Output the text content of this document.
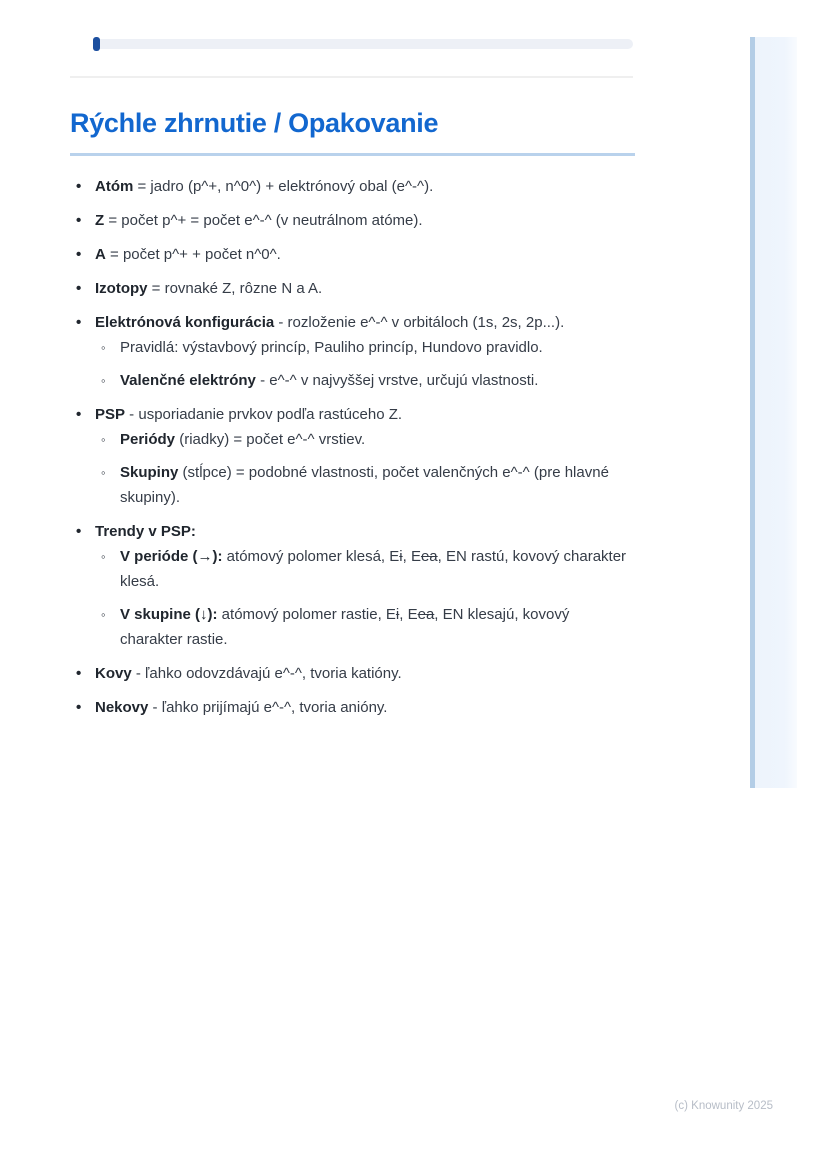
Rýchle zhrnutie / Opakovanie
• Atóm = jadro (p^+, n^0^) + elektrónový obal (e^-^).
• Z = počet p^+ = počet e^-^ (v neutrálnom atóme).
• A = počet p^+ + počet n^0^.
• Izotopy = rovnaké Z, rôzne N a A.
• Elektrónová konfigurácia - rozloženie e^-^ v orbitáloch (1s, 2s, 2p...).
◦ Pravidlá: výstavbový princíp, Pauliho princíp, Hundovo pravidlo.
◦ Valenčné elektróny - e^-^ v najvyššej vrstve, určujú vlastnosti.
• PSP - usporiadanie prvkov podľa rastúceho Z.
◦ Periódy (riadky) = počet e^-^ vrstiev.
◦ Skupiny (stĺpce) = podobné vlastnosti, počet valenčných e^-^ (pre hlavné skupiny).
• Trendy v PSP:
◦ V perióde (→): atómový polomer klesá, Ei, Eea, EN rastú, kovový charakter klesá.
◦ V skupine (↓): atómový polomer rastie, Ei, Eea, EN klesajú, kovový charakter rastie.
• Kovy - ľahko odovzdávajú e^-^, tvoria katióny.
• Nekovy - ľahko prijímajú e^-^, tvoria anióny.
(c) Knowunity 2025
